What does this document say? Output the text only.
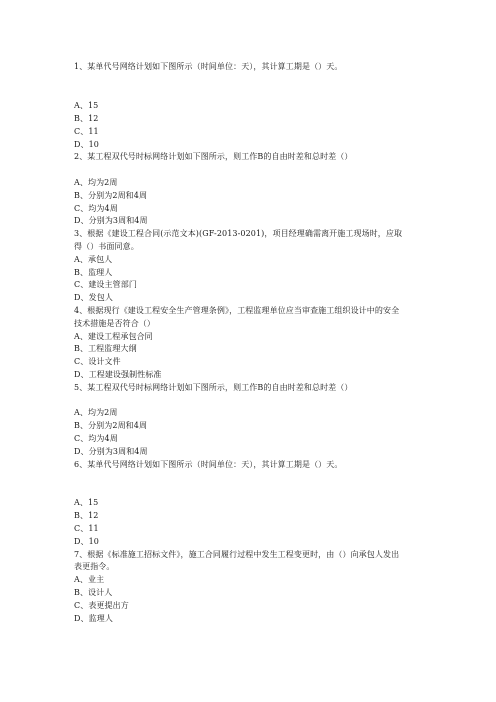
1、某单代号网络计划如下图所示（时间单位：天），其计算工期是（）天。
A、15
B、12
C、11
D、10
2、某工程双代号时标网络计划如下图所示，则工作B的自由时差和总时差（）
A、均为2周
B、分别为2周和4周
C、均为4周
D、分别为3周和4周
3、根据《建设工程合同(示范文本)(GF-2013-0201)，项目经理确需离开施工现场时，应取
得（）书面同意。
A、承包人
B、监理人
C、建设主管部门
D、发包人
4、根据现行《建设工程安全生产管理条例》，工程监理单位应当审查施工组织设计中的安全
技术措施是否符合（）
A、建设工程承包合同
B、工程监理大纲
C、设计文件
D、工程建设强制性标准
5、某工程双代号时标网络计划如下图所示，则工作B的自由时差和总时差（）
A、均为2周
B、分别为2周和4周
C、均为4周
D、分别为3周和4周
6、某单代号网络计划如下图所示（时间单位：天），其计算工期是（）天。
A、15
B、12
C、11
D、10
7、根据《标准施工招标文件》，施工合同履行过程中发生工程变更时，由（）向承包人发出
表更指令。
A、业主
B、设计人
C、表更提出方
D、监理人
